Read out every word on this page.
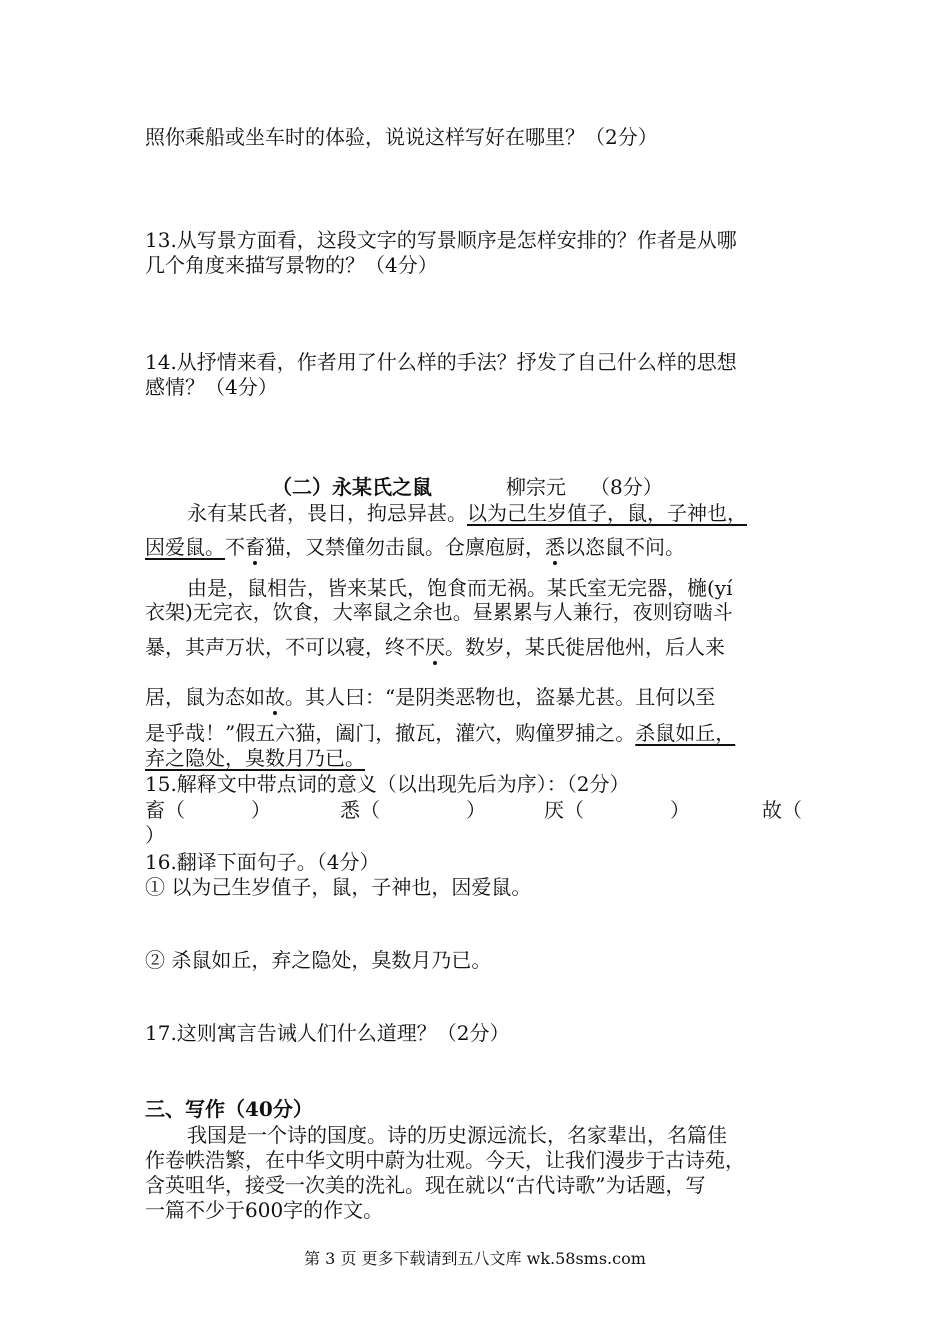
照你乘船或坐车时的体验，说说这样写好在哪里？（2分）
13.从写景方面看，这段文字的写景顺序是怎样安排的？作者是从哪
几个角度来描写景物的？（4分）
14.从抒情来看，作者用了什么样的手法？抒发了自己什么样的思想
感情？（4分）
（二）永某氏之鼠	柳宗元 （8分）
永有某氏者，畏日，拘忌异甚。以为己生岁值子，鼠，子神也，
因爱鼠。不畜猫，又禁僮勿击鼠。仓廪庖厨，悉以恣鼠不问。
由是，鼠相告，皆来某氏，饱食而无祸。某氏室无完器，椸(yí
衣架)无完衣，饮食，大率鼠之余也。昼累累与人兼行，夜则窃啮斗
暴，其声万状，不可以寝，终不厌。数岁，某氏徙居他州，后人来
居，鼠为态如故。其人曰：“是阴类恶物也，盗暴尤甚。且何以至
是乎哉！”假五六猫，阖门，撤瓦，灌穴，购僮罗捕之。杀鼠如丘，
弃之隐处，臭数月乃已。
15.解释文中带点词的意义（以出现先后为序）：（2分）
畜（	）	悉（	）	厌（	）	故（
）
16.翻译下面句子。（4分）
① 以为己生岁值子，鼠，子神也，因爱鼠。
② 杀鼠如丘，弃之隐处，臭数月乃已。
17.这则寓言告诫人们什么道理？（2分）
三、写作（40分）
我国是一个诗的国度。诗的历史源远流长，名家辈出，名篇佳
作卷帙浩繁，在中华文明中蔚为壮观。今天，让我们漫步于古诗苑，
含英咀华，接受一次美的洗礼。现在就以“古代诗歌”为话题，写
一篇不少于600字的作文。
第 3 页 更多下载请到五八文库 wk.58sms.com
